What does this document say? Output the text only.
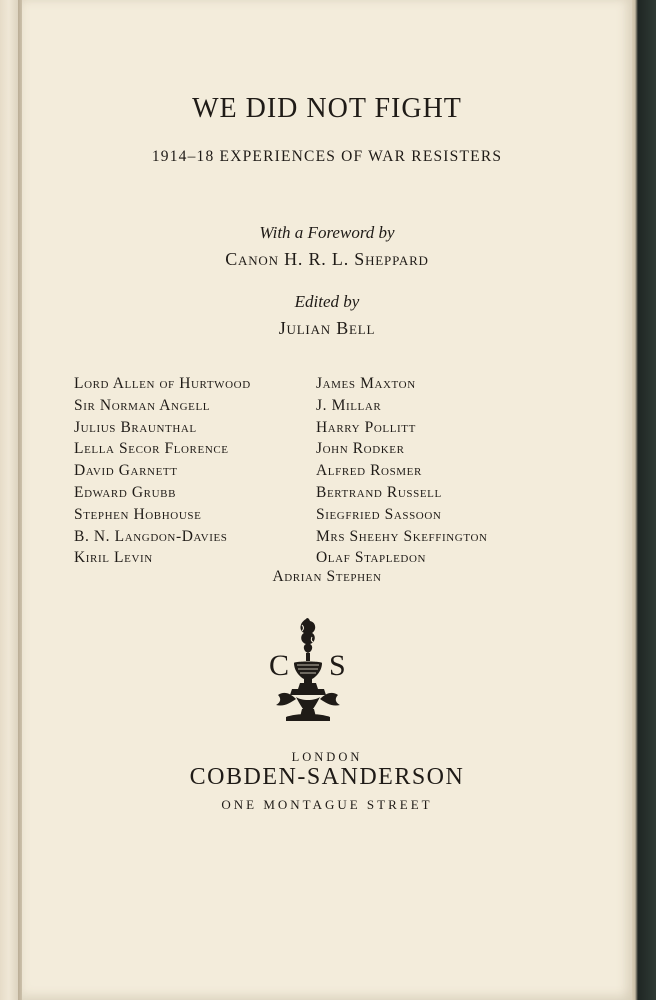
WE DID NOT FIGHT
1914–18 EXPERIENCES OF WAR RESISTERS
With a Foreword by
Canon H. R. L. Sheppard
Edited by
Julian Bell
Lord Allen of Hurtwood
Sir Norman Angell
Julius Braunthal
Lella Secor Florence
David Garnett
Edward Grubb
Stephen Hobhouse
B. N. Langdon-Davies
Kiril Levin
James Maxton
J. Millar
Harry Pollitt
John Rodker
Alfred Rosmer
Bertrand Russell
Siegfried Sassoon
Mrs Sheehy Skeffington
Olaf Stapledon
Adrian Stephen
C S
LONDON
COBDEN-SANDERSON
ONE MONTAGUE STREET
